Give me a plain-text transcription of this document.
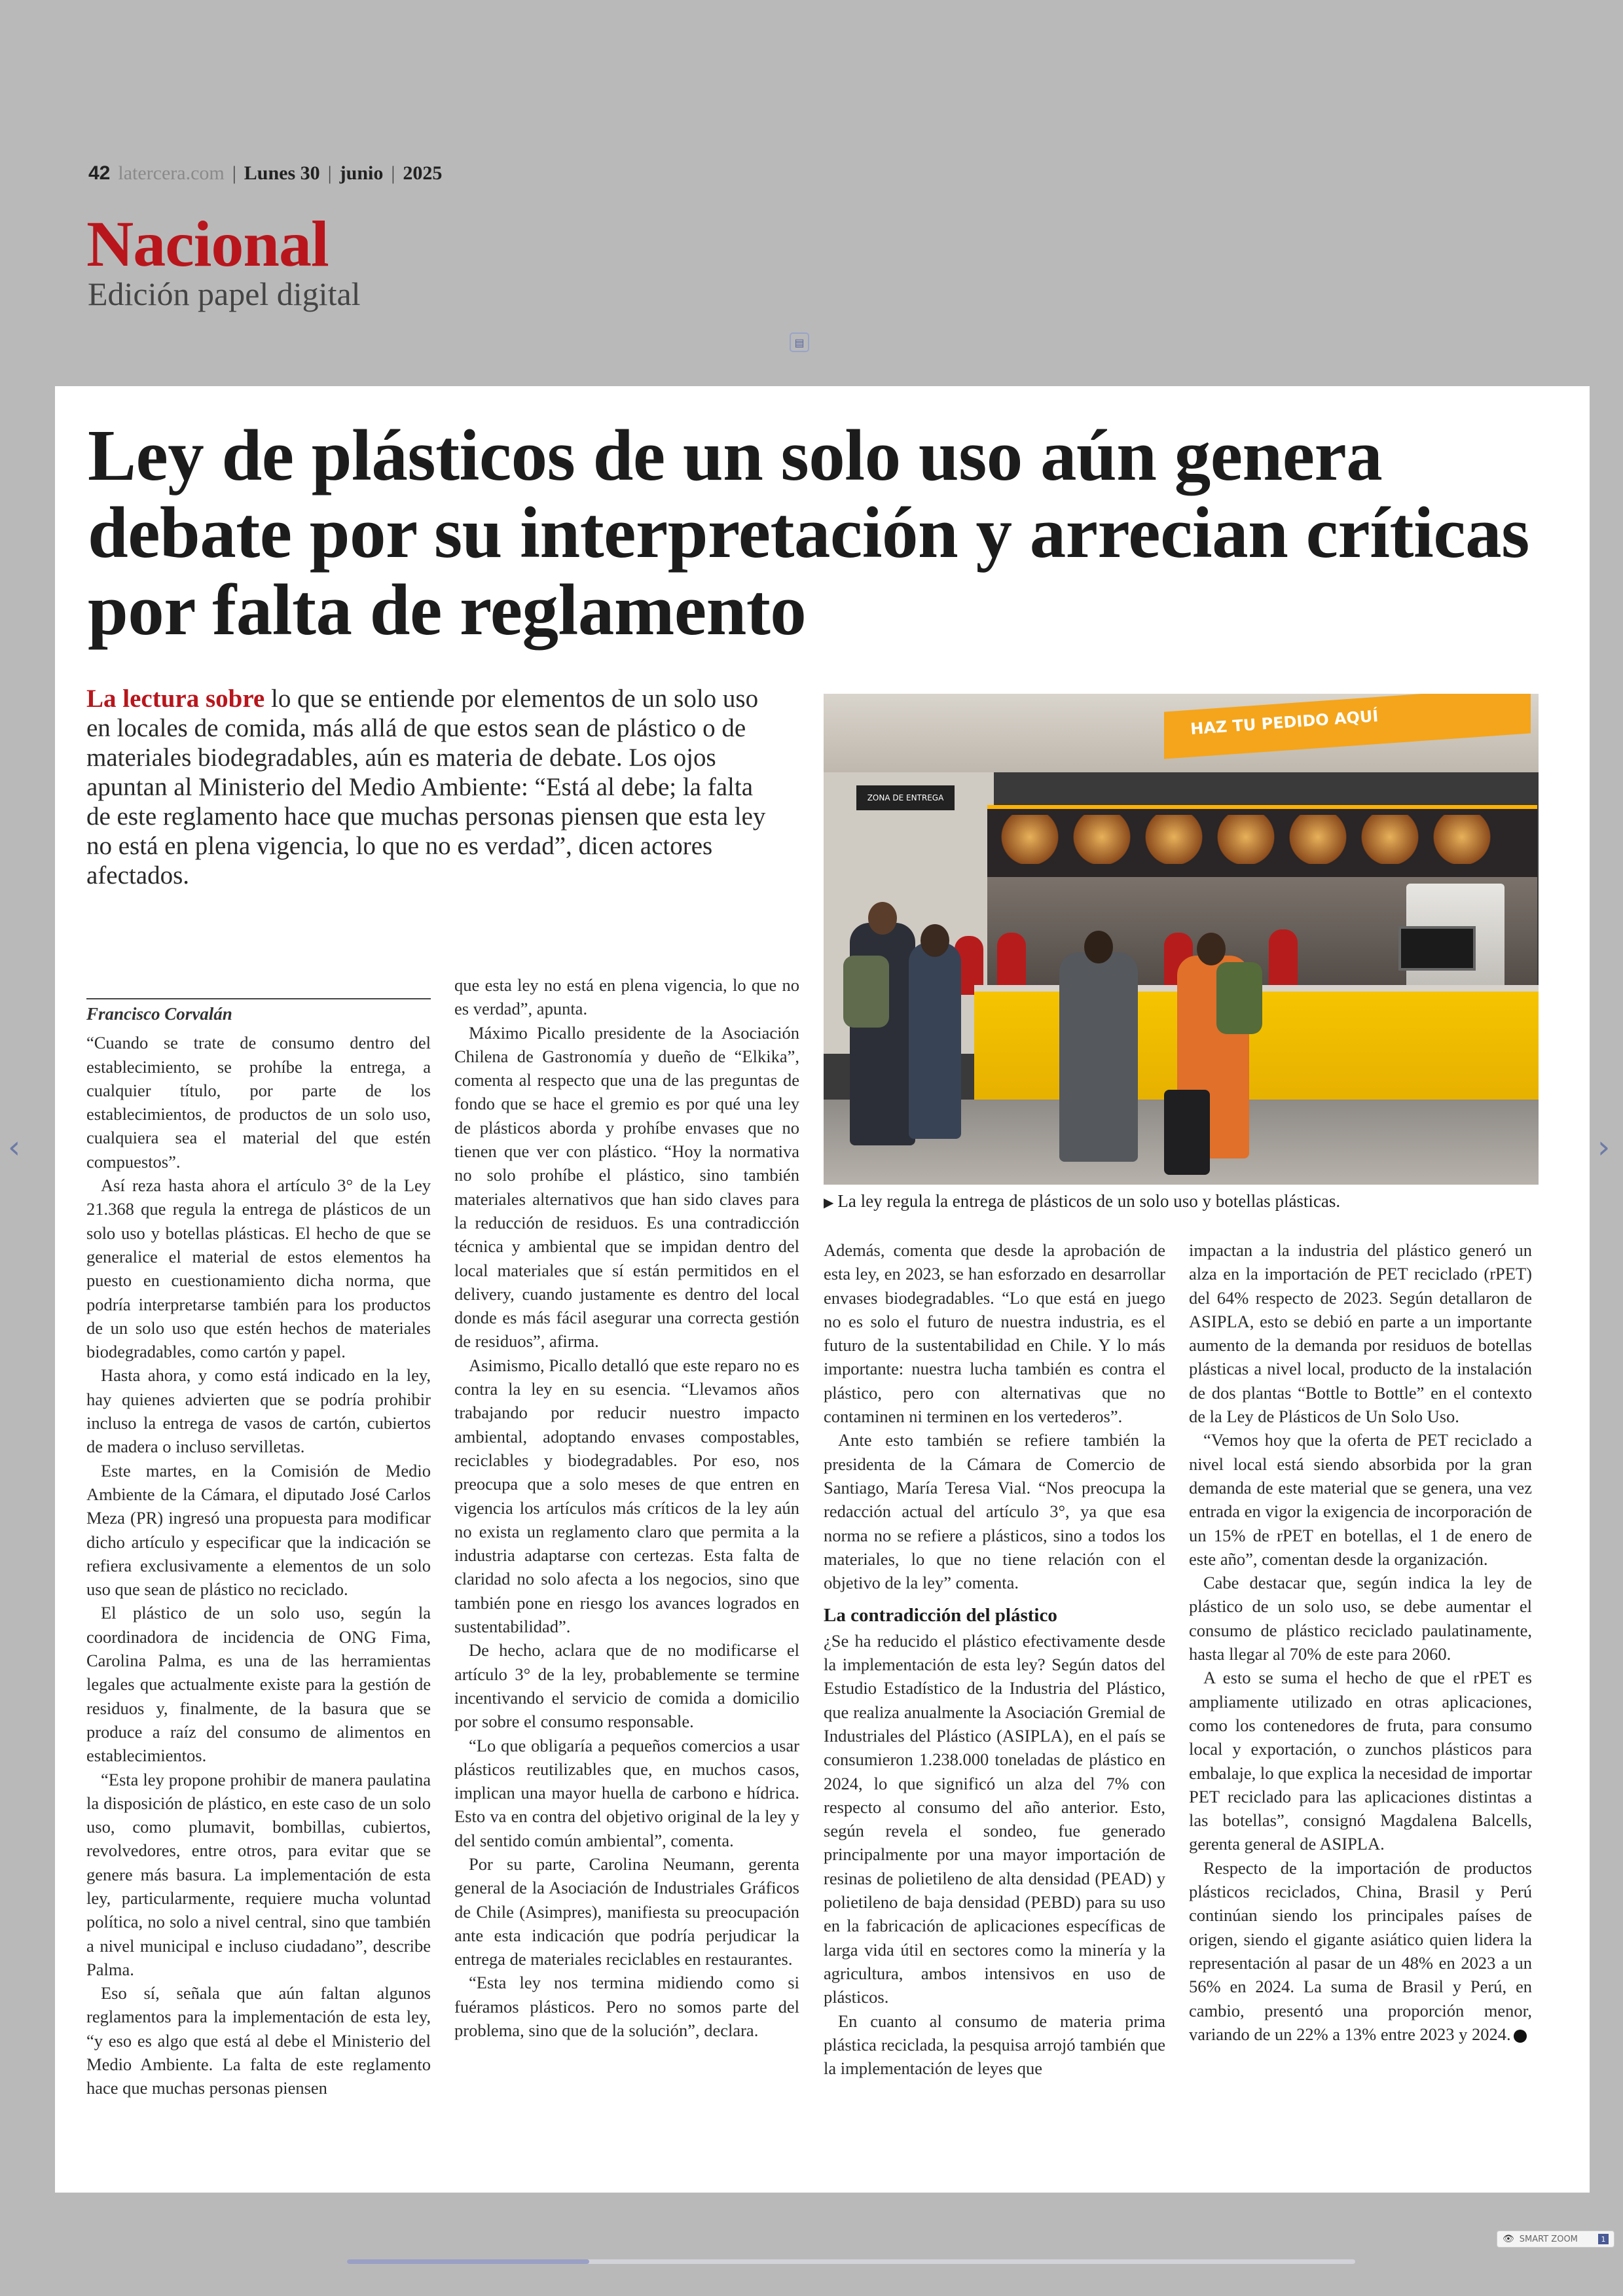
42 latercera.com | Lunes 30 | junio | 2025
Nacional
Edición papel digital
▤
‹	›
Ley de plásticos de un solo uso aún genera debate por su interpretación y arrecian críticas por falta de reglamento

La lectura sobre lo que se entiende por elementos de un solo uso en locales de comida, más allá de que estos sean de plástico o de materiales biodegradables, aún es materia de debate. Los ojos apuntan al Ministerio del Medio Ambiente: “Está al debe; la falta de este reglamento hace que muchas personas piensen que esta ley no está en plena vigencia, lo que no es verdad”, dicen actores afectados.

HAZ TU PEDIDO AQUÍ
ZONA DE ENTREGA

▶ La ley regula la entrega de plásticos de un solo uso y botellas plásticas.

Francisco Corvalán

“Cuando se trate de consumo dentro del establecimiento, se prohíbe la entrega, a cualquier título, por parte de los establecimientos, de productos de un solo uso, cualquiera sea el material del que estén compuestos”.

Así reza hasta ahora el artículo 3° de la Ley 21.368 que regula la entrega de plásticos de un solo uso y botellas plásticas. El hecho de que se generalice el material de estos elementos ha puesto en cuestionamiento dicha norma, que podría interpretarse también para los productos de un solo uso que estén hechos de materiales biodegradables, como cartón y papel.

Hasta ahora, y como está indicado en la ley, hay quienes advierten que se podría prohibir incluso la entrega de vasos de cartón, cubiertos de madera o incluso servilletas.

Este martes, en la Comisión de Medio Ambiente de la Cámara, el diputado José Carlos Meza (PR) ingresó una propuesta para modificar dicho artículo y especificar que la indicación se refiera exclusivamente a elementos de un solo uso que sean de plástico no reciclado.

El plástico de un solo uso, según la coordinadora de incidencia de ONG Fima, Carolina Palma, es una de las herramientas legales que actualmente existe para la gestión de residuos y, finalmente, de la basura que se produce a raíz del consumo de alimentos en establecimientos.

“Esta ley propone prohibir de manera paulatina la disposición de plástico, en este caso de un solo uso, como plumavit, bombillas, cubiertos, revolvedores, entre otros, para evitar que se genere más basura. La implementación de esta ley, particularmente, requiere mucha voluntad política, no solo a nivel central, sino que también a nivel municipal e incluso ciudadano”, describe Palma.

Eso sí, señala que aún faltan algunos reglamentos para la implementación de esta ley, “y eso es algo que está al debe el Ministerio del Medio Ambiente. La falta de este reglamento hace que muchas personas piensen

que esta ley no está en plena vigencia, lo que no es verdad”, apunta.

Máximo Picallo presidente de la Asociación Chilena de Gastronomía y dueño de “Elkika”, comenta al respecto que una de las preguntas de fondo que se hace el gremio es por qué una ley de plásticos aborda y prohíbe envases que no tienen que ver con plástico. “Hoy la normativa no solo prohíbe el plástico, sino también materiales alternativos que han sido claves para la reducción de residuos. Es una contradicción técnica y ambiental que se impidan dentro del local materiales que sí están permitidos en el delivery, cuando justamente es dentro del local donde es más fácil asegurar una correcta gestión de residuos”, afirma.

Asimismo, Picallo detalló que este reparo no es contra la ley en su esencia. “Llevamos años trabajando por reducir nuestro impacto ambiental, adoptando envases compostables, reciclables y biodegradables. Por eso, nos preocupa que a solo meses de que entren en vigencia los artículos más críticos de la ley aún no exista un reglamento claro que permita a la industria adaptarse con certezas. Esta falta de claridad no solo afecta a los negocios, sino que también pone en riesgo los avances logrados en sustentabilidad”.

De hecho, aclara que de no modificarse el artículo 3° de la ley, probablemente se termine incentivando el servicio de comida a domicilio por sobre el consumo responsable.

“Lo que obligaría a pequeños comercios a usar plásticos reutilizables que, en muchos casos, implican una mayor huella de carbono e hídrica. Esto va en contra del objetivo original de la ley y del sentido común ambiental”, comenta.

Por su parte, Carolina Neumann, gerenta general de la Asociación de Industriales Gráficos de Chile (Asimpres), manifiesta su preocupación ante esta indicación que podría perjudicar la entrega de materiales reciclables en restaurantes.

“Esta ley nos termina midiendo como si fuéramos plásticos. Pero no somos parte del problema, sino que de la solución”, declara.

Además, comenta que desde la aprobación de esta ley, en 2023, se han esforzado en desarrollar envases biodegradables. “Lo que está en juego no es solo el futuro de nuestra industria, es el futuro de la sustentabilidad en Chile. Y lo más importante: nuestra lucha también es contra el plástico, pero con alternativas que no contaminen ni terminen en los vertederos”.

Ante esto también se refiere también la presidenta de la Cámara de Comercio de Santiago, María Teresa Vial. “Nos preocupa la redacción actual del artículo 3°, ya que esa norma no se refiere a plásticos, sino a todos los materiales, lo que no tiene relación con el objetivo de la ley” comenta.

La contradicción del plástico

¿Se ha reducido el plástico efectivamente desde la implementación de esta ley? Según datos del Estudio Estadístico de la Industria del Plástico, que realiza anualmente la Asociación Gremial de Industriales del Plástico (ASIPLA), en el país se consumieron 1.238.000 toneladas de plástico en 2024, lo que significó un alza del 7% con respecto al consumo del año anterior. Esto, según revela el sondeo, fue generado principalmente por una mayor importación de resinas de polietileno de alta densidad (PEAD) y polietileno de baja densidad (PEBD) para su uso en la fabricación de aplicaciones específicas de larga vida útil en sectores como la minería y la agricultura, ambos intensivos en uso de plásticos.

En cuanto al consumo de materia prima plástica reciclada, la pesquisa arrojó también que la implementación de leyes que

impactan a la industria del plástico generó un alza en la importación de PET reciclado (rPET) del 64% respecto de 2023. Según detallaron de ASIPLA, esto se debió en parte a un importante aumento de la demanda por residuos de botellas plásticas a nivel local, producto de la instalación de dos plantas “Bottle to Bottle” en el contexto de la Ley de Plásticos de Un Solo Uso.

“Vemos hoy que la oferta de PET reciclado a nivel local está siendo absorbida por la gran demanda de este material que se genera, una vez entrada en vigor la exigencia de incorporación de un 15% de rPET en botellas, el 1 de enero de este año”, comentan desde la organización.

Cabe destacar que, según indica la ley de plástico de un solo uso, se debe aumentar el consumo de plástico reciclado paulatinamente, hasta llegar al 70% de este para 2060.

A esto se suma el hecho de que el rPET es ampliamente utilizado en otras aplicaciones, como los contenedores de fruta, para consumo local y exportación, o zunchos plásticos para embalaje, lo que explica la necesidad de importar PET reciclado para las aplicaciones distintas a las botellas”, consignó Magdalena Balcells, gerenta general de ASIPLA.

Respecto de la importación de productos plásticos reciclados, China, Brasil y Perú continúan siendo los principales países de origen, siendo el gigante asiático quien lidera la representación al pasar de un 48% en 2023 a un 56% en 2024. La suma de Brasil y Perú, en cambio, presentó una proporción menor, variando de un 22% a 13% entre 2023 y 2024.

👁 SMART ZOOM	1
